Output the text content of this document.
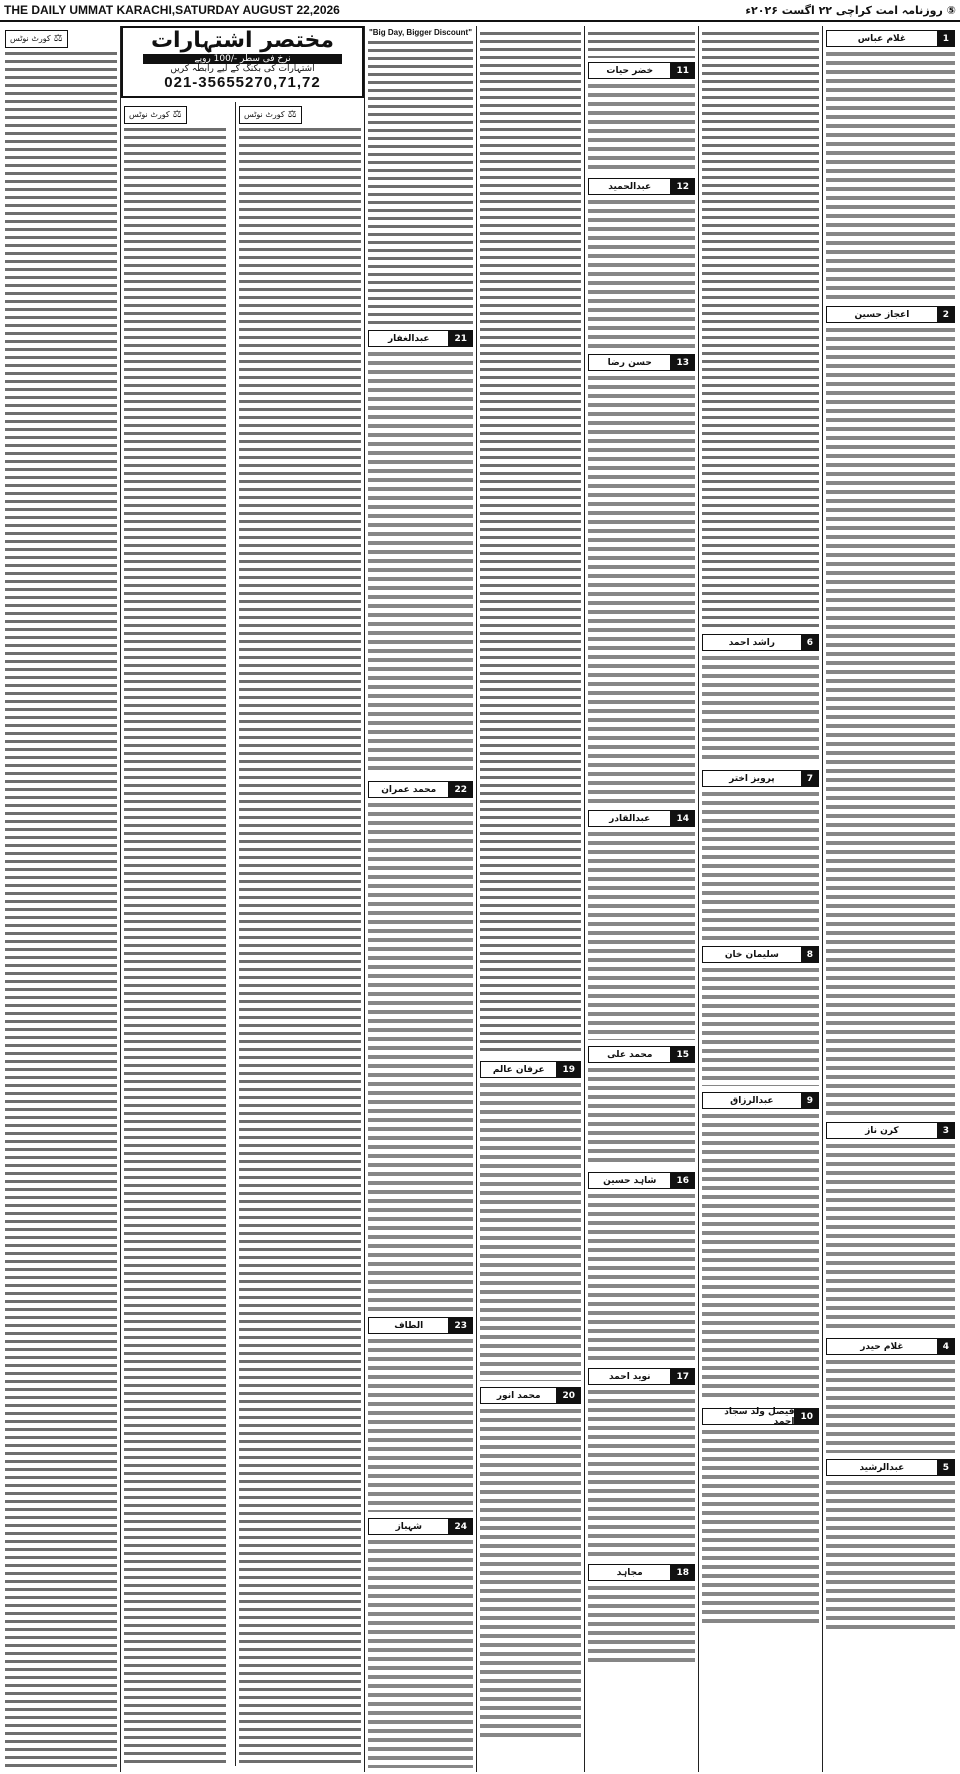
THE DAILY UMMAT KARACHI,SATURDAY AUGUST 22,2026	⑤ روزنامہ امت کراچی ۲۲ اگست ۲۰۲۶ء
⚖
کورٹ نوٹس	مختصر اشتہارات
نرخ فی سطر -/100 روپے
اشتہارات کی بکنگ کے لیے رابطہ کریں
021-35655270,71,72
⚖
کورٹ نوٹس	⚖
کورٹ نوٹس
"Big Day, Bigger Discount"
21
عبدالغفار
22
محمد عمران
23
الطاف
24
شہباز
19
عرفان عالم
20
محمد انور
11
خضر حیات
12
عبدالحمید
13
حسن رضا
14
عبدالقادر
15
محمد علی
16
شاہد حسین
17
نوید احمد
18
مجاہد
6
راشد احمد
7
پرویز اختر
8
سلیمان خان
9
عبدالرزاق
10
فیصل ولد سجاد احمد
1
غلام عباس
2
اعجاز حسین
3
کرن ناز
4
غلام حیدر
5
عبدالرشید
